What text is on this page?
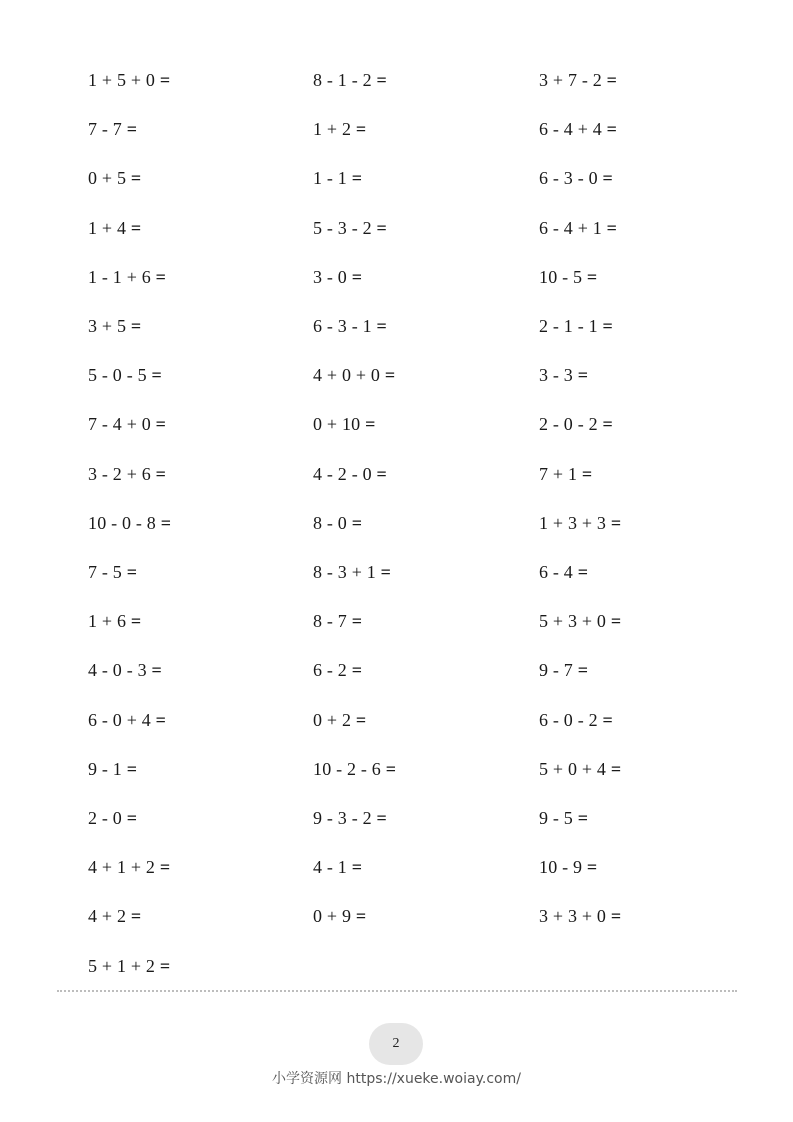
1 + 5 + 0 =
7 - 7 =
0 + 5 =
1 + 4 =
1 - 1 + 6 =
3 + 5 =
5 - 0 - 5 =
7 - 4 + 0 =
3 - 2 + 6 =
10 - 0 - 8 =
7 - 5 =
1 + 6 =
4 - 0 - 3 =
6 - 0 + 4 =
9 - 1 =
2 - 0 =
4 + 1 + 2 =
4 + 2 =
5 + 1 + 2 =
8 - 1 - 2 =
1 + 2 =
1 - 1 =
5 - 3 - 2 =
3 - 0 =
6 - 3 - 1 =
4 + 0 + 0 =
0 + 10 =
4 - 2 - 0 =
8 - 0 =
8 - 3 + 1 =
8 - 7 =
6 - 2 =
0 + 2 =
10 - 2 - 6 =
9 - 3 - 2 =
4 - 1 =
0 + 9 =
3 + 7 - 2 =
6 - 4 + 4 =
6 - 3 - 0 =
6 - 4 + 1 =
10 - 5 =
2 - 1 - 1 =
3 - 3 =
2 - 0 - 2 =
7 + 1 =
1 + 3 + 3 =
6 - 4 =
5 + 3 + 0 =
9 - 7 =
6 - 0 - 2 =
5 + 0 + 4 =
9 - 5 =
10 - 9 =
3 + 3 + 0 =
2
小学资源网 https://xueke.woiay.com/
